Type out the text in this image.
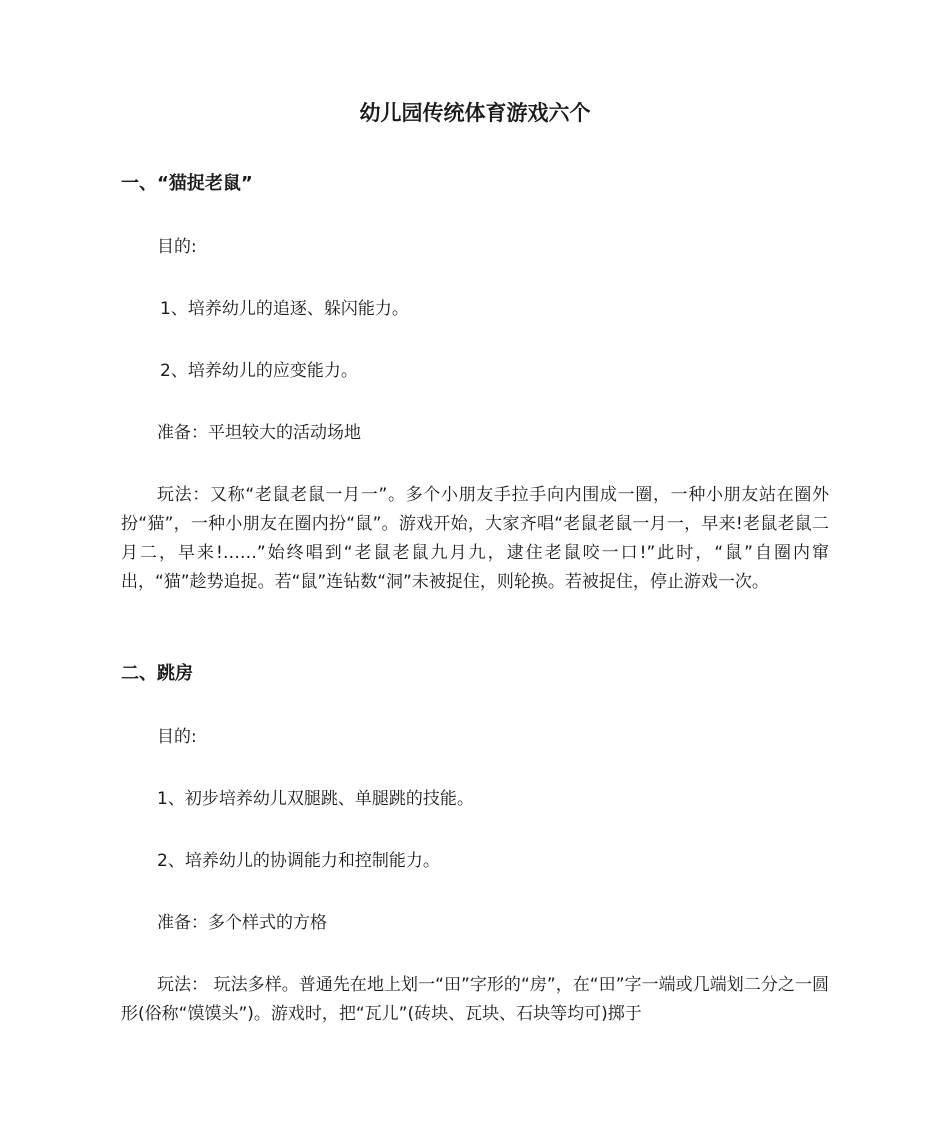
幼儿园传统体育游戏六个
一、“猫捉老鼠”

目的:

1、培养幼儿的追逐、躲闪能力。

2、培养幼儿的应变能力。

准备：平坦较大的活动场地

玩法：又称“老鼠老鼠一月一”。多个小朋友手拉手向内围成一圈，一种小朋友站在圈外扮“猫”，一种小朋友在圈内扮“鼠”。游戏开始，大家齐唱“老鼠老鼠一月一，早来!老鼠老鼠二月二，早来!……”始终唱到“老鼠老鼠九月九，逮住老鼠咬一口!”此时，“鼠”自圈内窜出，“猫”趁势追捉。若“鼠”连钻数“洞”未被捉住，则轮换。若被捉住，停止游戏一次。

二、跳房

目的:

1、初步培养幼儿双腿跳、单腿跳的技能。

2、培养幼儿的协调能力和控制能力。

准备：多个样式的方格

玩法： 玩法多样。普通先在地上划一“田”字形的“房”，在“田”字一端或几端划二分之一圆形(俗称“馍馍头”)。游戏时，把“瓦儿”(砖块、瓦块、石块等均可)掷于
